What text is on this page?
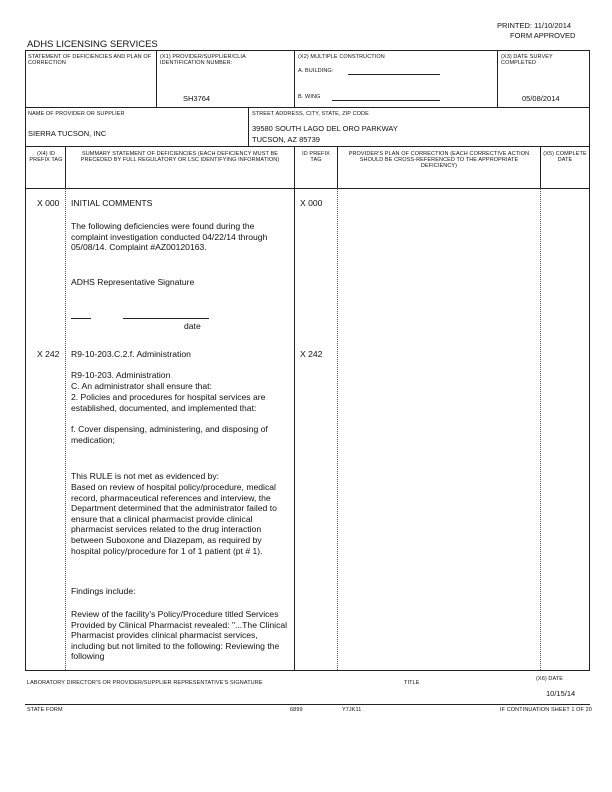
PRINTED: 11/10/2014
FORM APPROVED
ADHS LICENSING SERVICES
STATEMENT OF DEFICIENCIES AND PLAN OF CORRECTION
(X1) PROVIDER/SUPPLIER/CLIA IDENTIFICATION NUMBER:
SH3764
(X2) MULTIPLE CONSTRUCTION
A. BUILDING:
B. WING
(X3) DATE SURVEY COMPLETED
05/08/2014
NAME OF PROVIDER OR SUPPLIER
SIERRA TUCSON, INC
STREET ADDRESS, CITY, STATE, ZIP CODE
39580 SOUTH LAGO DEL ORO PARKWAY
TUCSON, AZ 85739
(X4) ID PREFIX TAG
SUMMARY STATEMENT OF DEFICIENCIES (EACH DEFICIENCY MUST BE PRECEDED BY FULL REGULATORY OR LSC IDENTIFYING INFORMATION)
ID PREFIX TAG
PROVIDER'S PLAN OF CORRECTION (EACH CORRECTIVE ACTION SHOULD BE CROSS-REFERENCED TO THE APPROPRIATE DEFICIENCY)
(X5) COMPLETE DATE
X 000 INITIAL COMMENTS	X 000
The following deficiencies were found during the complaint investigation conducted 04/22/14 through 05/08/14. Complaint #AZ00120163.
ADHS Representative Signature
date
X 242 R9-10-203.C.2.f. Administration	X 242
R9-10-203. Administration
C. An administrator shall ensure that:
2. Policies and procedures for hospital services are established, documented, and implemented that:
f. Cover dispensing, administering, and disposing of medication;
This RULE is not met as evidenced by:
Based on review of hospital policy/procedure, medical record, pharmaceutical references and interview, the Department determined that the administrator failed to ensure that a clinical pharmacist provide clinical pharmacist services related to the drug interaction between Suboxone and Diazepam, as required by hospital policy/procedure for 1 of 1 patient (pt # 1).
Findings include:
Review of the facility's Policy/Procedure titled Services Provided by Clinical Pharmacist revealed: "...The Clinical Pharmacist provides clinical pharmacist services, including but not limited to the following: Reviewing the following
LABORATORY DIRECTOR'S OR PROVIDER/SUPPLIER REPRESENTATIVE'S SIGNATURE	TITLE
(X6) DATE
10/15/14
STATE FORM	6899	Y7JK11	IF CONTINUATION SHEET 1 OF 20
